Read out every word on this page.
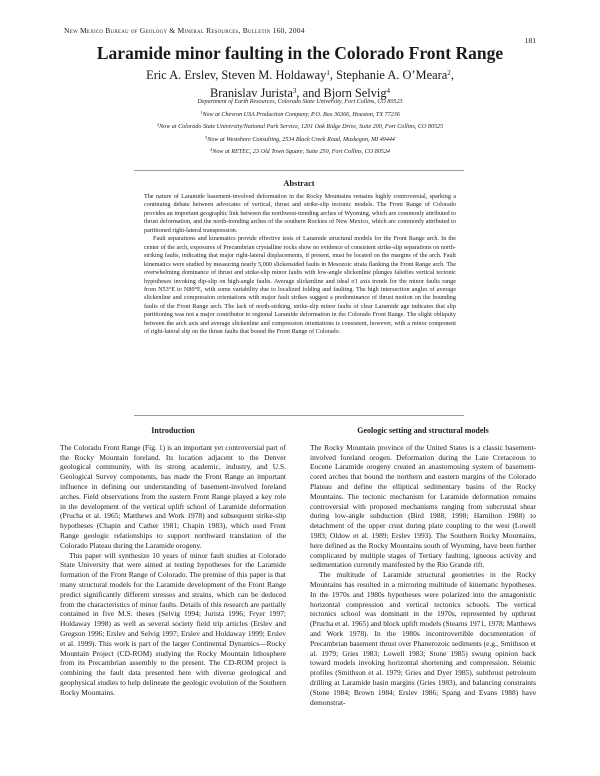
New Mexico Bureau of Geology & Mineral Resources, Bulletin 160, 2004
181
Laramide minor faulting in the Colorado Front Range
Eric A. Erslev, Steven M. Holdaway$^1$, Stephanie A. O’Meara$^2$,
Branislav Jurista$^3$, and Bjorn Selvig$^4$
Department of Earth Resources, Colorado State University, Fort Collins, CO 80523
$^1$Now at Chevron USA Production Company, P.O. Box 36366, Houston, TX 77236
$^2$Now at Colorado State University/National Park Service, 1201 Oak Ridge Drive, Suite 200, Fort Collins, CO 80525
$^3$Now at Westshore Consulting, 2534 Black Creek Road, Muskegon, MI 49444
$^4$Now at RETEC, 23 Old Town Square, Suite 250, Fort Collins, CO 80524
Abstract

The nature of Laramide basement-involved deformation in the Rocky Mountains remains highly controversial, sparking a continuing debate between advocates of vertical, thrust and strike-slip tectonic models. The Front Range of Colorado provides an important geographic link between the northwest-trending arches of Wyoming, which are commonly attributed to thrust deformation, and the north-trending arches of the southern Rockies of New Mexico, which are commonly attributed to partitioned right-lateral transpression.

Fault separations and kinematics provide effective tests of Laramide structural models for the Front Range arch. In the center of the arch, exposures of Precambrian crystalline rocks show no evidence of consistent strike-slip separations on north-striking faults, indicating that major right-lateral displacements, if present, must be located on the margins of the arch. Fault kinematics were studied by measuring nearly 5,000 slickensided faults in Mesozoic strata flanking the Front Range arch. The overwhelming dominance of thrust and strike-slip minor faults with low-angle slickenline plunges falsifies vertical tectonic hypotheses invoking dip-slip on high-angle faults. Average slickenline and ideal σ1 axis trends for the minor faults range from N53°E to N80°E, with some variability due to localized folding and faulting. The high intersection angles of average slickenline and compression orientations with major fault strikes suggest a predominance of thrust motion on the bounding faults of the Front Range arch. The lack of north-striking, strike-slip minor faults of clear Laramide age indicates that slip partitioning was not a major contributor to regional Laramide deformation in the Colorado Front Range. The slight obliquity between the arch axis and average slickenline and compression orientations is consistent, however, with a minor component of right-lateral slip on the thrust faults that bound the Front Range of Colorado.

Introduction

The Colorado Front Range (Fig. 1) is an important yet controversial part of the Rocky Mountain foreland. Its location adjacent to the Denver geological community, with its strong academic, industry, and U.S. Geological Survey components, has made the Front Range an important influence in defining our understanding of basement-involved foreland arches. Field observations from the eastern Front Range played a key role in the development of the vertical uplift school of Laramide deformation (Prucha et al. 1965; Matthews and Work 1978) and subsequent strike-slip hypotheses (Chapin and Cather 1981; Chapin 1983), which used Front Range geologic relationships to support northward translation of the Colorado Plateau during the Laramide orogeny.

This paper will synthesize 10 years of minor fault studies at Colorado State University that were aimed at testing hypotheses for the Laramide formation of the Front Range of Colorado. The premise of this paper is that many structural models for the Laramide development of the Front Range predict significantly different stresses and strains, which can be deduced from the characteristics of minor faults. Details of this research are partially contained in five M.S. theses (Selvig 1994; Jurista 1996; Fryer 1997; Holdaway 1998) as well as several society field trip articles (Erslev and Gregson 1996; Erslev and Selvig 1997; Erslev and Holdaway 1999; Erslev et al. 1999). This work is part of the larger Continental Dynamics—Rocky Mountain Project (CD-ROM) studying the Rocky Mountain lithosphere from its Precambrian assembly to the present. The CD-ROM project is combining the fault data presented here with diverse geological and geophysical studies to help delineate the geologic evolution of the Southern Rocky Mountains.

Geologic setting and structural models

The Rocky Mountain province of the United States is a classic basement-involved foreland orogen. Deformation during the Late Cretaceous to Eocene Laramide orogeny created an anastomosing system of basement-cored arches that bound the northern and eastern margins of the Colorado Plateau and define the elliptical sedimentary basins of the Rocky Mountains. The tectonic mechanism for Laramide deformation remains controversial with proposed mechanisms ranging from subcrustal shear during low-angle subduction (Bird 1988, 1998; Hamilton 1988) to detachment of the upper crust during plate coupling to the west (Lowell 1983; Oldow et al. 1989; Erslev 1993). The Southern Rocky Mountains, here defined as the Rocky Mountains south of Wyoming, have been further complicated by multiple stages of Tertiary faulting, igneous activity and sedimentation currently manifested by the Rio Grande rift.

The multitude of Laramide structural geometries in the Rocky Mountains has resulted in a mirroring multitude of kinematic hypotheses. In the 1970s and 1980s hypotheses were polarized into the antagonistic horizontal compression and vertical tectonics schools. The vertical tectonics school was dominant in the 1970s, represented by upthrust (Prucha et al. 1965) and block uplift models (Stearns 1971, 1978; Matthews and Work 1978). In the 1980s incontrovertible documentation of Precambrian basement thrust over Phanerozoic sediments (e.g., Smithson et al. 1979; Gries 1983; Lowell 1983; Stone 1985) swung opinion back toward models invoking horizontal shortening and compression. Seismic profiles (Smithson et al. 1979; Gries and Dyer 1985), subthrust petroleum drilling at Laramide basin margins (Gries 1983), and balancing constraints (Stone 1984; Brown 1984; Erslev 1986; Spang and Evans 1988) have demonstrat-
